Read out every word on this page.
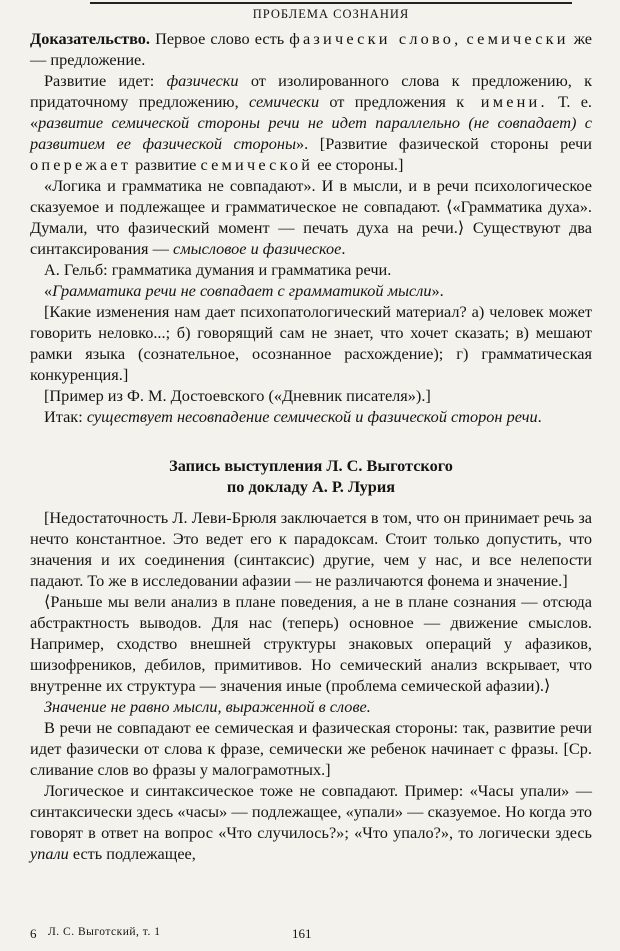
ПРОБЛЕМА СОЗНАНИЯ

Доказательство. Первое слово есть фазически слово, семически же — предложение.

Развитие идет: фазически от изолированного слова к предложению, к придаточному предложению, семически от предложения к имени. Т. е. «развитие семической стороны речи не идет параллельно (не совпадает) с развитием ее фазической стороны». [Развитие фазической стороны речи опережает развитие семической ее стороны.]

«Логика и грамматика не совпадают». И в мысли, и в речи психологическое сказуемое и подлежащее и грамматическое не совпадают. ⟨«Грамматика духа». Думали, что фазический момент — печать духа на речи.⟩ Существуют два синтаксирования — смысловое и фазическое.

А. Гельб: грамматика думания и грамматика речи.

«Грамматика речи не совпадает с грамматикой мысли».

[Какие изменения нам дает психопатологический материал? а) человек может говорить неловко...; б) говорящий сам не знает, что хочет сказать; в) мешают рамки языка (сознательное, осознанное расхождение); г) грамматическая конкуренция.]

[Пример из Ф. М. Достоевского («Дневник писателя»).]

Итак: существует несовпадение семической и фазической сторон речи.

Запись выступления Л. С. Выготского
по докладу А. Р. Лурия

[Недостаточность Л. Леви-Брюля заключается в том, что он принимает речь за нечто константное. Это ведет его к парадоксам. Стоит только допустить, что значения и их соединения (синтаксис) другие, чем у нас, и все нелепости падают. То же в исследовании афазии — не различаются фонема и значение.]

⟨Раньше мы вели анализ в плане поведения, а не в плане сознания — отсюда абстрактность выводов. Для нас (теперь) основное — движение смыслов. Например, сходство внешней структуры знаковых операций у афазиков, шизофреников, дебилов, примитивов. Но семический анализ вскрывает, что внутренне их структура — значения иные (проблема семической афазии).⟩

Значение не равно мысли, выраженной в слове.

В речи не совпадают ее семическая и фазическая стороны: так, развитие речи идет фазически от слова к фразе, семически же ребенок начинает с фразы. [Ср. сливание слов во фразы у малограмотных.]

Логическое и синтаксическое тоже не совпадают. Пример: «Часы упали» — синтаксически здесь «часы» — подлежащее, «упали» — сказуемое. Но когда это говорят в ответ на вопрос «Что случилось?»; «Что упало?», то логически здесь упали есть подлежащее,

6 Л. С. Выготский, т. 1	161
